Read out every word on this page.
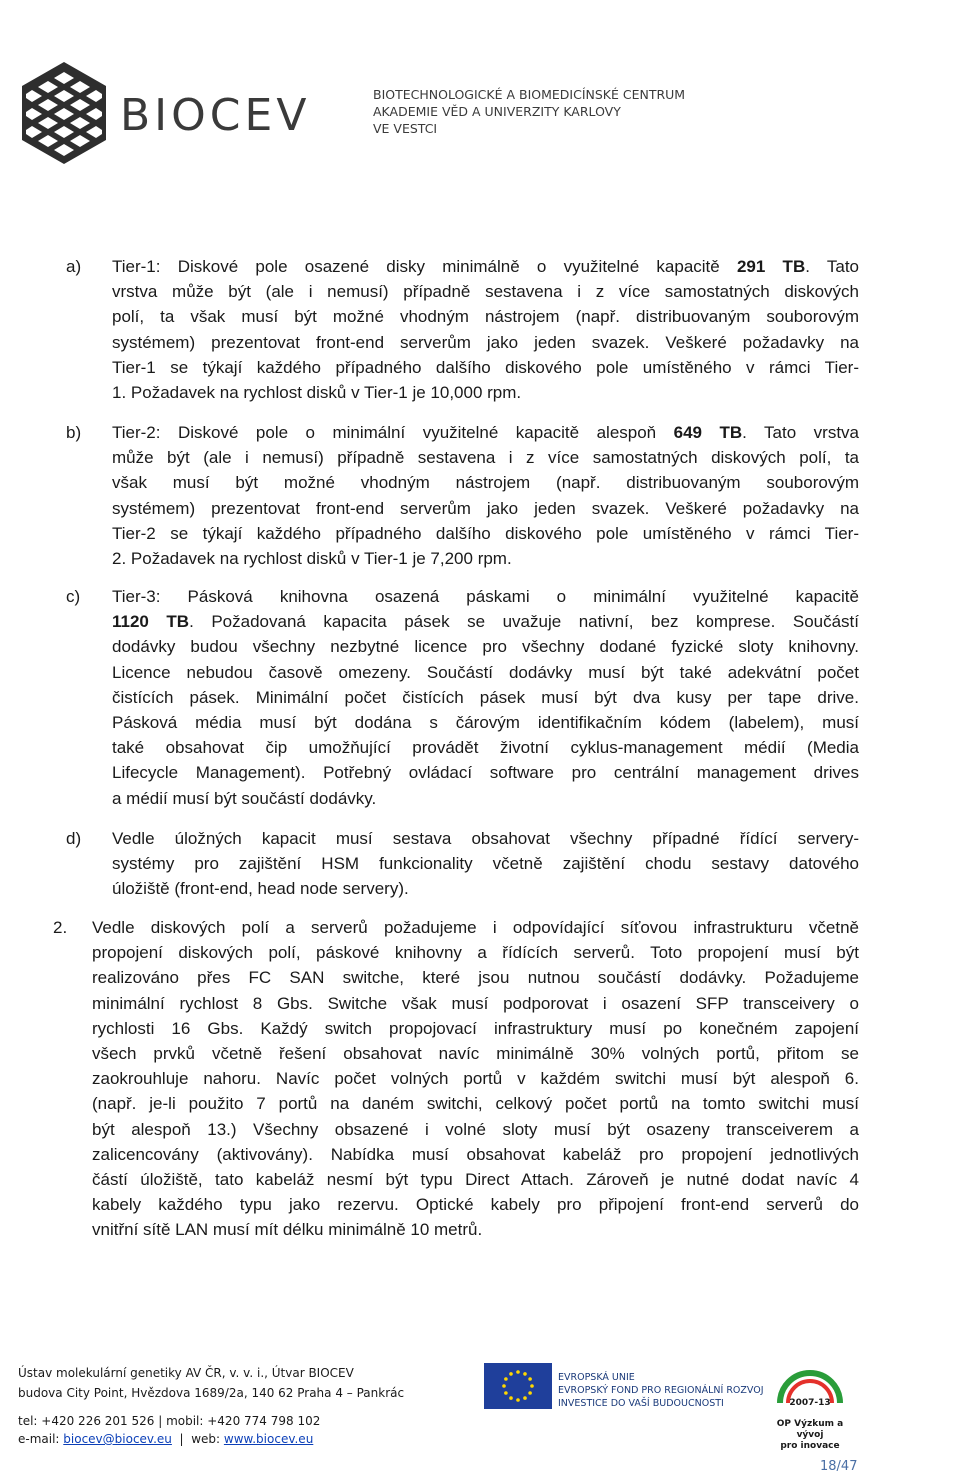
BIOCEV	BIOTECHNOLOGICKÉ A BIOMEDICÍNSKÉ CENTRUM
AKADEMIE VĚD A UNIVERZITY KARLOVY
VE VESTCI
a) Tier-1: Diskové pole osazené disky minimálně o využitelné kapacitě 291 TB. Tato
vrstva může být (ale i nemusí) případně sestavena i z více samostatných diskových
polí, ta však musí být možné vhodným nástrojem (např. distribuovaným souborovým
systémem) prezentovat front-end serverům jako jeden svazek. Veškeré požadavky na
Tier-1 se týkají každého případného dalšího diskového pole umístěného v rámci Tier-
1. Požadavek na rychlost disků v Tier-1 je 10,000 rpm.
b) Tier-2: Diskové pole o minimální využitelné kapacitě alespoň 649 TB. Tato vrstva
může být (ale i nemusí) případně sestavena i z více samostatných diskových polí, ta
však musí být možné vhodným nástrojem (např. distribuovaným souborovým
systémem) prezentovat front-end serverům jako jeden svazek. Veškeré požadavky na
Tier-2 se týkají každého případného dalšího diskového pole umístěného v rámci Tier-
2. Požadavek na rychlost disků v Tier-1 je 7,200 rpm.
c) Tier-3: Pásková knihovna osazená páskami o minimální využitelné kapacitě
1120 TB. Požadovaná kapacita pásek se uvažuje nativní, bez komprese. Součástí
dodávky budou všechny nezbytné licence pro všechny dodané fyzické sloty knihovny.
Licence nebudou časově omezeny. Součástí dodávky musí být také adekvátní počet
čistících pásek. Minimální počet čistících pásek musí být dva kusy per tape drive.
Pásková média musí být dodána s čárovým identifikačním kódem (labelem), musí
také obsahovat čip umožňující provádět životní cyklus-management médií (Media
Lifecycle Management). Potřebný ovládací software pro centrální management drives
a médií musí být součástí dodávky.
d) Vedle úložných kapacit musí sestava obsahovat všechny případné řídící servery-
systémy pro zajištění HSM funkcionality včetně zajištění chodu sestavy datového
úložiště (front-end, head node servery).
2. Vedle diskových polí a serverů požadujeme i odpovídající síťovou infrastrukturu včetně
propojení diskových polí, páskové knihovny a řídících serverů. Toto propojení musí být
realizováno přes FC SAN switche, které jsou nutnou součástí dodávky. Požadujeme
minimální rychlost 8 Gbs. Switche však musí podporovat i osazení SFP transceivery o
rychlosti 16 Gbs. Každý switch propojovací infrastruktury musí po konečném zapojení
všech prvků včetně řešení obsahovat navíc minimálně 30% volných portů, přitom se
zaokrouhluje nahoru. Navíc počet volných portů v každém switchi musí být alespoň 6.
(např. je-li použito 7 portů na daném switchi, celkový počet portů na tomto switchi musí
být alespoň 13.) Všechny obsazené i volné sloty musí být osazeny transceiverem a
zalicencovány (aktivovány). Nabídka musí obsahovat kabeláž pro propojení jednotlivých
částí úložiště, tato kabeláž nesmí být typu Direct Attach. Zároveň je nutné dodat navíc 4
kabely každého typu jako rezervu. Optické kabely pro připojení front-end serverů do
vnitřní sítě LAN musí mít délku minimálně 10 metrů.
Ústav molekulární genetiky AV ČR, v. v. i., Útvar BIOCEV
budova City Point, Hvězdova 1689/2a, 140 62 Praha 4 – Pankrác
tel: +420 226 201 526 | mobil: +420 774 798 102
e-mail: biocev@biocev.eu  |  web: www.biocev.eu
EVROPSKÁ UNIE
EVROPSKÝ FOND PRO REGIONÁLNÍ ROZVOJ
INVESTICE DO VAŠÍ BUDOUCNOSTI	2007-13
OP Výzkum a vývoj
pro inovace
18/47
